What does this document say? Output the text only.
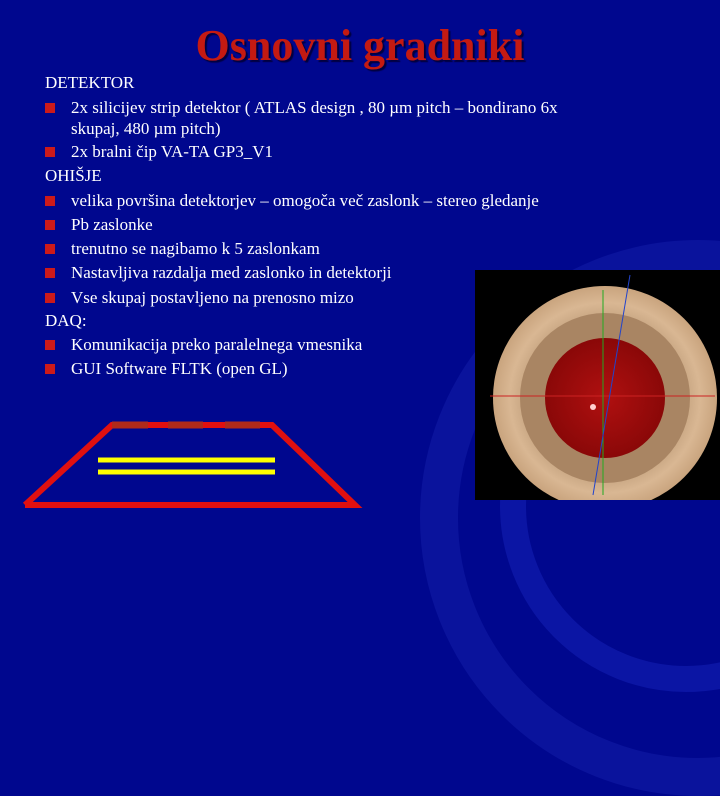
Osnovni gradniki
DETEKTOR
2x silicijev strip detektor ( ATLAS design , 80 µm pitch – bondirano 6x
skupaj, 480 µm pitch)
2x bralni čip VA-TA GP3_V1
OHIŠJE
velika površina detektorjev – omogoča več zaslonk – stereo gledanje
Pb zaslonke
trenutno se nagibamo k 5 zaslonkam
Nastavljiva razdalja med zaslonko in detektorji
Vse skupaj postavljeno na prenosno mizo
DAQ:
Komunikacija preko paralelnega vmesnika
GUI Software FLTK (open GL)
